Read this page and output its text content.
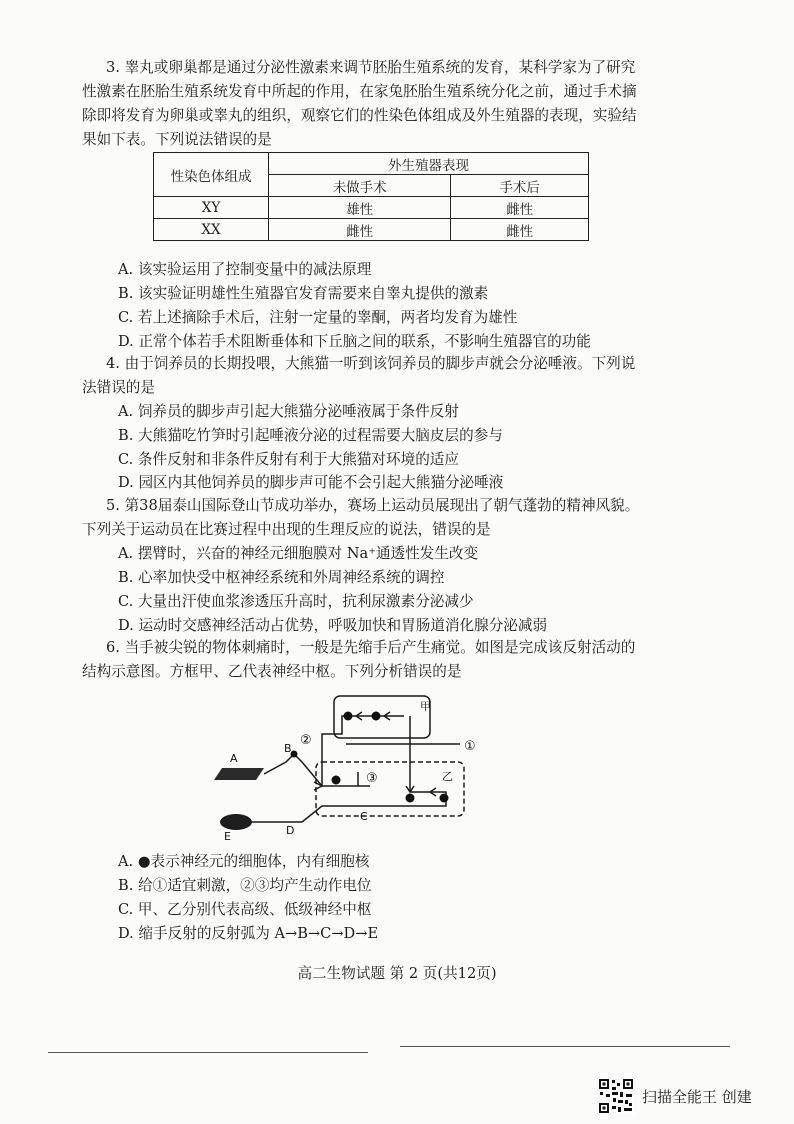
3. 睾丸或卵巢都是通过分泌性激素来调节胚胎生殖系统的发育，某科学家为了研究
性激素在胚胎生殖系统发育中所起的作用，在家兔胚胎生殖系统分化之前，通过手术摘
除即将发育为卵巢或睾丸的组织，观察它们的性染色体组成及外生殖器的表现，实验结
果如下表。下列说法错误的是
性染色体组成	外生殖器表现	
	未做手术	手术后
XY	雄性	雌性
XX	雌性	雌性
A. 该实验运用了控制变量中的减法原理
B. 该实验证明雄性生殖器官发育需要来自睾丸提供的激素
C. 若上述摘除手术后，注射一定量的睾酮，两者均发育为雄性
D. 正常个体若手术阻断垂体和下丘脑之间的联系，不影响生殖器官的功能
4. 由于饲养员的长期投喂，大熊猫一听到该饲养员的脚步声就会分泌唾液。下列说
法错误的是
A. 饲养员的脚步声引起大熊猫分泌唾液属于条件反射
B. 大熊猫吃竹笋时引起唾液分泌的过程需要大脑皮层的参与
C. 条件反射和非条件反射有利于大熊猫对环境的适应
D. 园区内其他饲养员的脚步声可能不会引起大熊猫分泌唾液
5. 第38届泰山国际登山节成功举办，赛场上运动员展现出了朝气蓬勃的精神风貌。
下列关于运动员在比赛过程中出现的生理反应的说法，错误的是
A. 摆臂时，兴奋的神经元细胞膜对 Na⁺通透性发生改变
B. 心率加快受中枢神经系统和外周神经系统的调控
C. 大量出汗使血浆渗透压升高时，抗利尿激素分泌减少
D. 运动时交感神经活动占优势，呼吸加快和胃肠道消化腺分泌减弱
6. 当手被尖锐的物体刺痛时，一般是先缩手后产生痛觉。如图是完成该反射活动的
结构示意图。方框甲、乙代表神经中枢。下列分析错误的是
A
B
C
D
E
甲
乙
①
②
③
A. ●表示神经元的细胞体，内有细胞核
B. 给①适宜刺激，②③均产生动作电位
C. 甲、乙分别代表高级、低级神经中枢
D. 缩手反射的反射弧为 A→B→C→D→E
高二生物试题 第 2 页(共12页)
扫描全能王 创建
